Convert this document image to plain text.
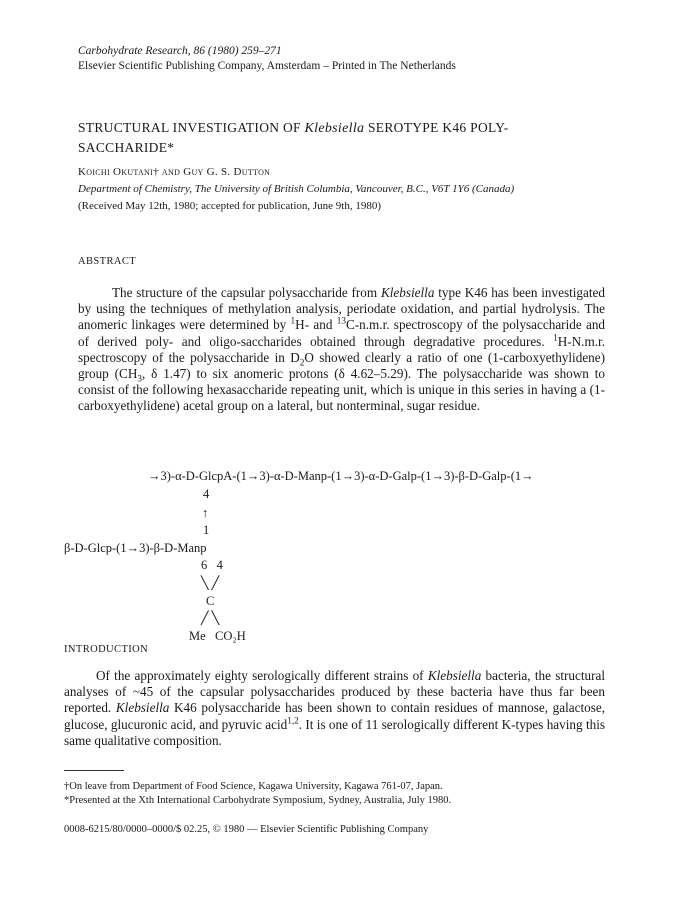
Carbohydrate Research, 86 (1980) 259–271
Elsevier Scientific Publishing Company, Amsterdam – Printed in The Netherlands
STRUCTURAL INVESTIGATION OF Klebsiella SEROTYPE K46 POLY-
SACCHARIDE*
Koichi Okutani† and Guy G. S. Dutton
Department of Chemistry, The University of British Columbia, Vancouver, B.C., V6T 1Y6 (Canada)
(Received May 12th, 1980; accepted for publication, June 9th, 1980)
ABSTRACT

The structure of the capsular polysaccharide from Klebsiella type K46 has been investigated by using the techniques of methylation analysis, periodate oxidation, and partial hydrolysis. The anomeric linkages were determined by $^1$H- and $^{13}$C-n.m.r. spectroscopy of the polysaccharide and of derived poly- and oligo-saccharides obtained through degradative procedures. $^1$H-N.m.r. spectroscopy of the polysaccharide in $D_2O$ showed clearly a ratio of one (1-carboxyethylidene) group ($CH_3$, δ 1.47) to six anomeric protons (δ 4.62–5.29). The polysaccharide was shown to consist of the following hexasaccharide repeating unit, which is unique in this series in having a (1-carboxyethylidene) acetal group on a lateral, but nonterminal, sugar residue.

→3)-α-D-GlcpA-(1→3)-α-D-Manp-(1→3)-α-D-Galp-(1→3)-β-D-Galp-(1→
4
↑
1
β-D-Glcp-(1→3)-β-D-Manp
6   4
╲ ╱
C
╱ ╲
Me   CO₂H
INTRODUCTION

Of the approximately eighty serologically different strains of Klebsiella bacteria, the structural analyses of ~45 of the capsular polysaccharides produced by these bacteria have thus far been reported. Klebsiella K46 polysaccharide has been shown to contain residues of mannose, galactose, glucose, glucuronic acid, and pyruvic acid$^{1,2}$. It is one of 11 serologically different K-types having this same qualitative composition.

†On leave from Department of Food Science, Kagawa University, Kagawa 761-07, Japan.
*Presented at the Xth International Carbohydrate Symposium, Sydney, Australia, July 1980.
0008-6215/80/0000–0000/$ 02.25, © 1980 — Elsevier Scientific Publishing Company
